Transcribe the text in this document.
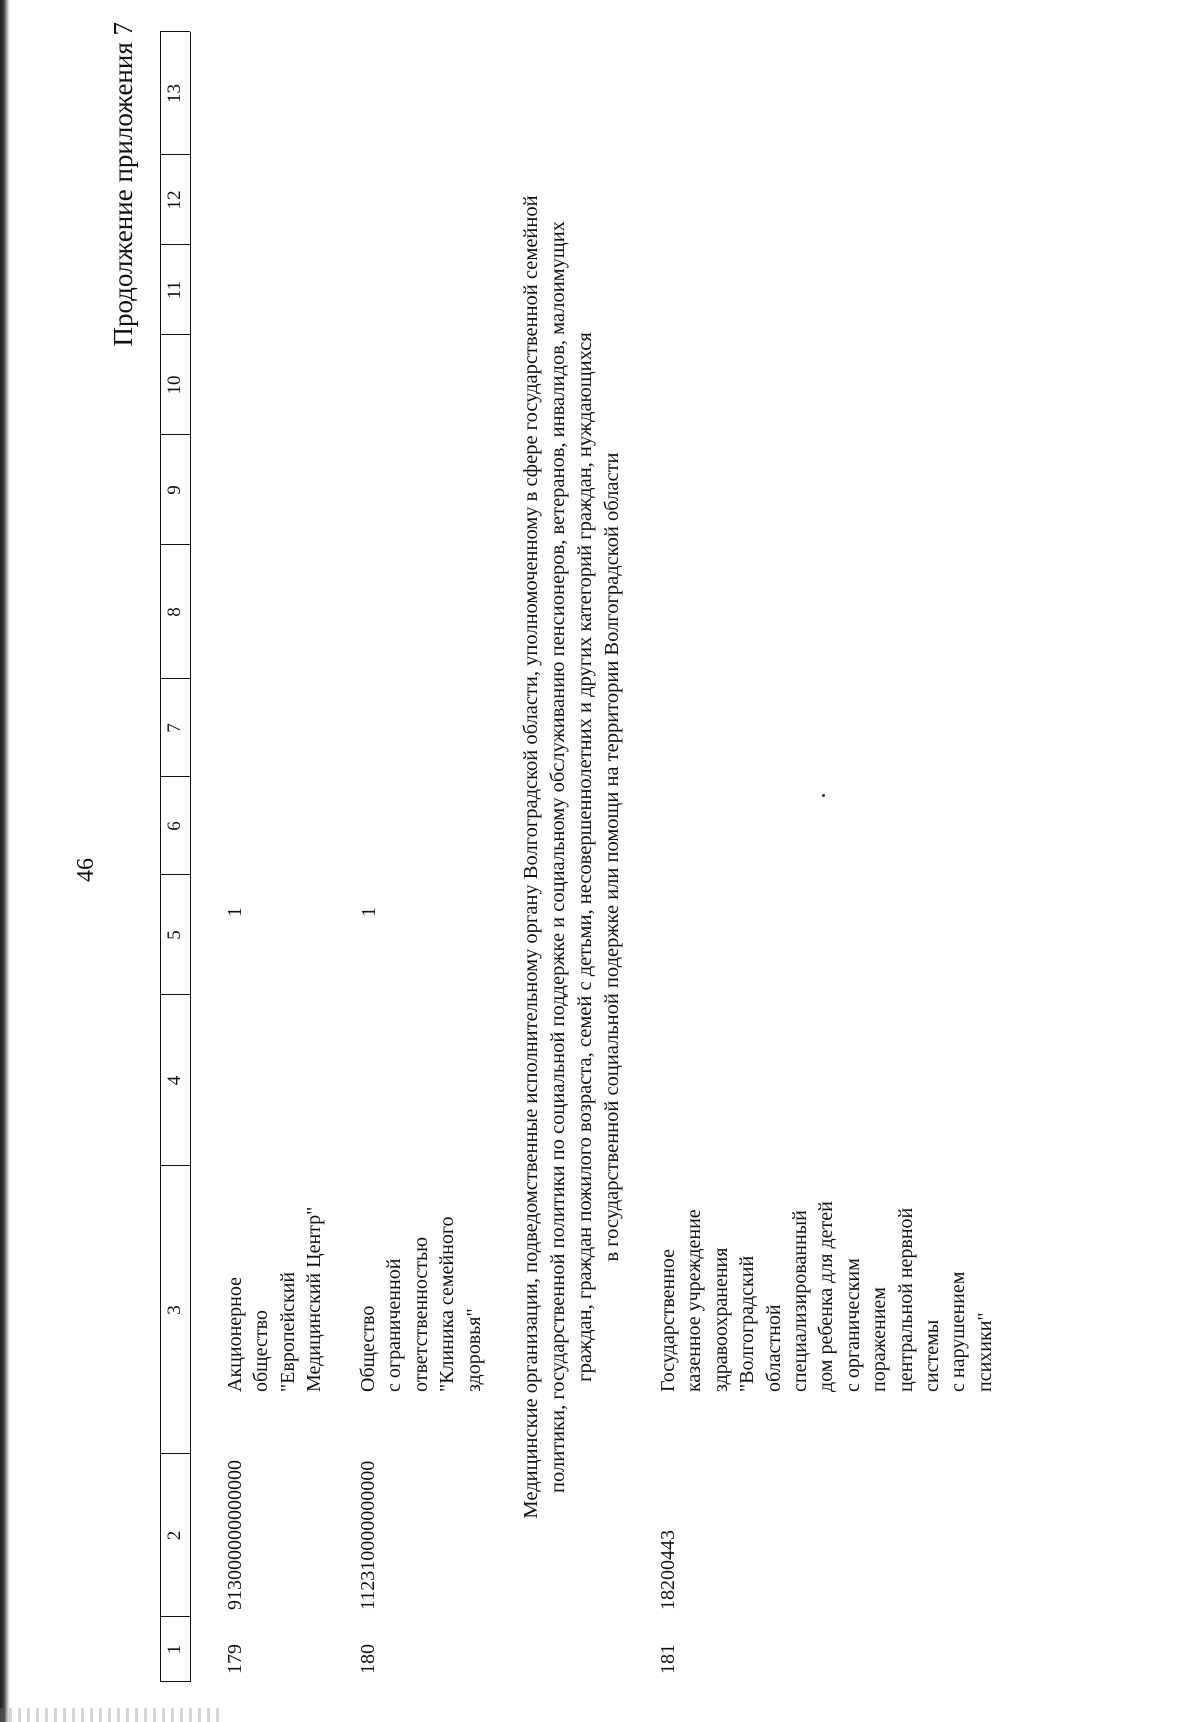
46
Продолжение приложения 7
1
2
3
4
5
6
7
8
9
10
11
12
13
179
913000000000000
Акционерное общество "Европейский Медицинский Центр"
1
180
112310000000000
Общество с ограниченной ответственностью "Клиника семейного здоровья"
1	Медицинские организации, подведомственные исполнительному органу Волгоградской области, уполномоченному в сфере государственной семейной политики, государственной политики по социальной поддержке и социальному обслуживанию пенсионеров, ветеранов, инвалидов, малоимущих граждан, граждан пожилого возраста, семей с детьми, несовершеннолетних и других категорий граждан, нуждающихся в государственной социальной подержке или помощи на территории Волгоградской области
181
18200443
Государственное казенное учреждение здравоохранения "Волгоградский областной специализированный дом ребенка для детей с органическим поражением центральной нервной системы с нарушением психики"
